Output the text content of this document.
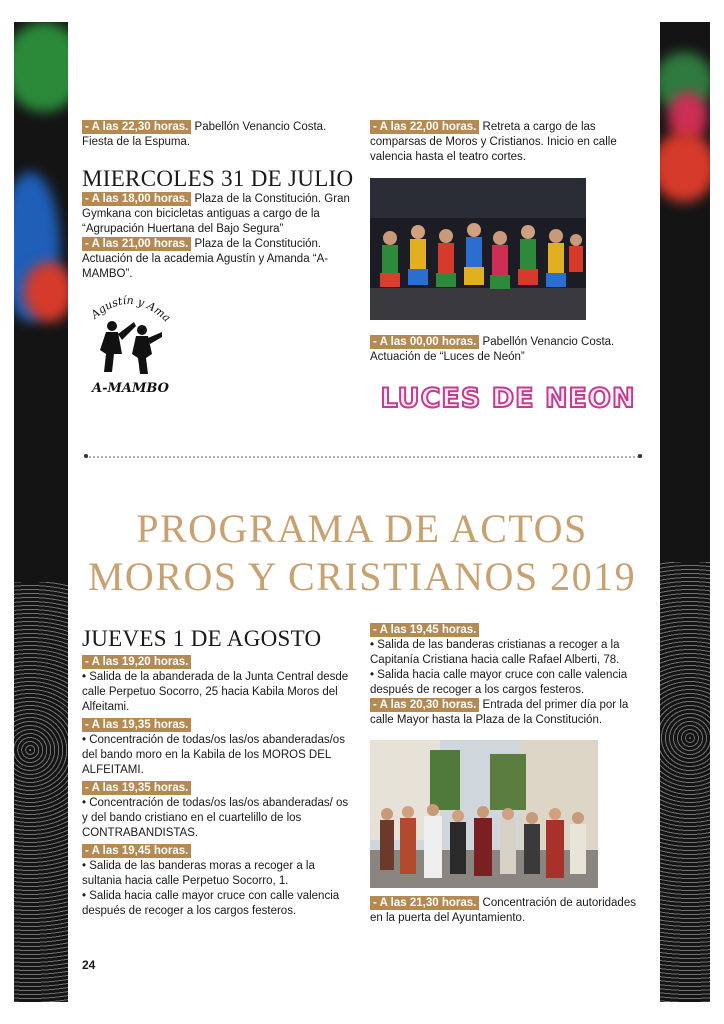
- A las 22,30 horas. Pabellón Venancio Costa. Fiesta de la Espuma.
MIERCOLES 31 DE JULIO
- A las 18,00 horas. Plaza de la Constitución. Gran Gymkana con bicicletas antiguas a cargo de la “Agrupación Huertana del Bajo Segura”
- A las 21,00 horas. Plaza de la Constitución. Actuación de la academia Agustín y Amanda “A-MAMBO”.
Agustín y Ama
A-MAMBO
- A las 22,00 horas. Retreta a cargo de las comparsas de Moros y Cristianos. Inicio en calle valencia hasta el teatro cortes.
- A las 00,00 horas. Pabellón Venancio Costa. Actuación de “Luces de Neón”
LUCES DE NEON
PROGRAMA DE ACTOS
MOROS Y CRISTIANOS 2019
JUEVES 1 DE AGOSTO
- A las 19,20 horas.
• Salida de la abanderada de la Junta Central desde calle Perpetuo Socorro, 25 hacia Kabila Moros del Alfeitami.
- A las 19,35 horas.
• Concentración de todas/os las/os abanderadas/os del bando moro en la Kabila de los MOROS DEL ALFEITAMI.
- A las 19,35 horas.
• Concentración de todas/os las/os abanderadas/ os y del bando cristiano en el cuartelillo de los CONTRABANDISTAS.
- A las 19,45 horas.
• Salida de las banderas moras a recoger a la sultania hacia calle Perpetuo Socorro, 1.
• Salida hacia calle mayor cruce con calle valencia después de recoger a los cargos festeros.
- A las 19,45 horas.
• Salida de las banderas cristianas a recoger a la Capitanía Cristiana hacia calle Rafael Alberti, 78.
• Salida hacia calle mayor cruce con calle valencia después de recoger a los cargos festeros.
- A las 20,30 horas. Entrada del primer día por la calle Mayor hasta la Plaza de la Constitución.
- A las 21,30 horas. Concentración de autoridades en la puerta del Ayuntamiento.
24
